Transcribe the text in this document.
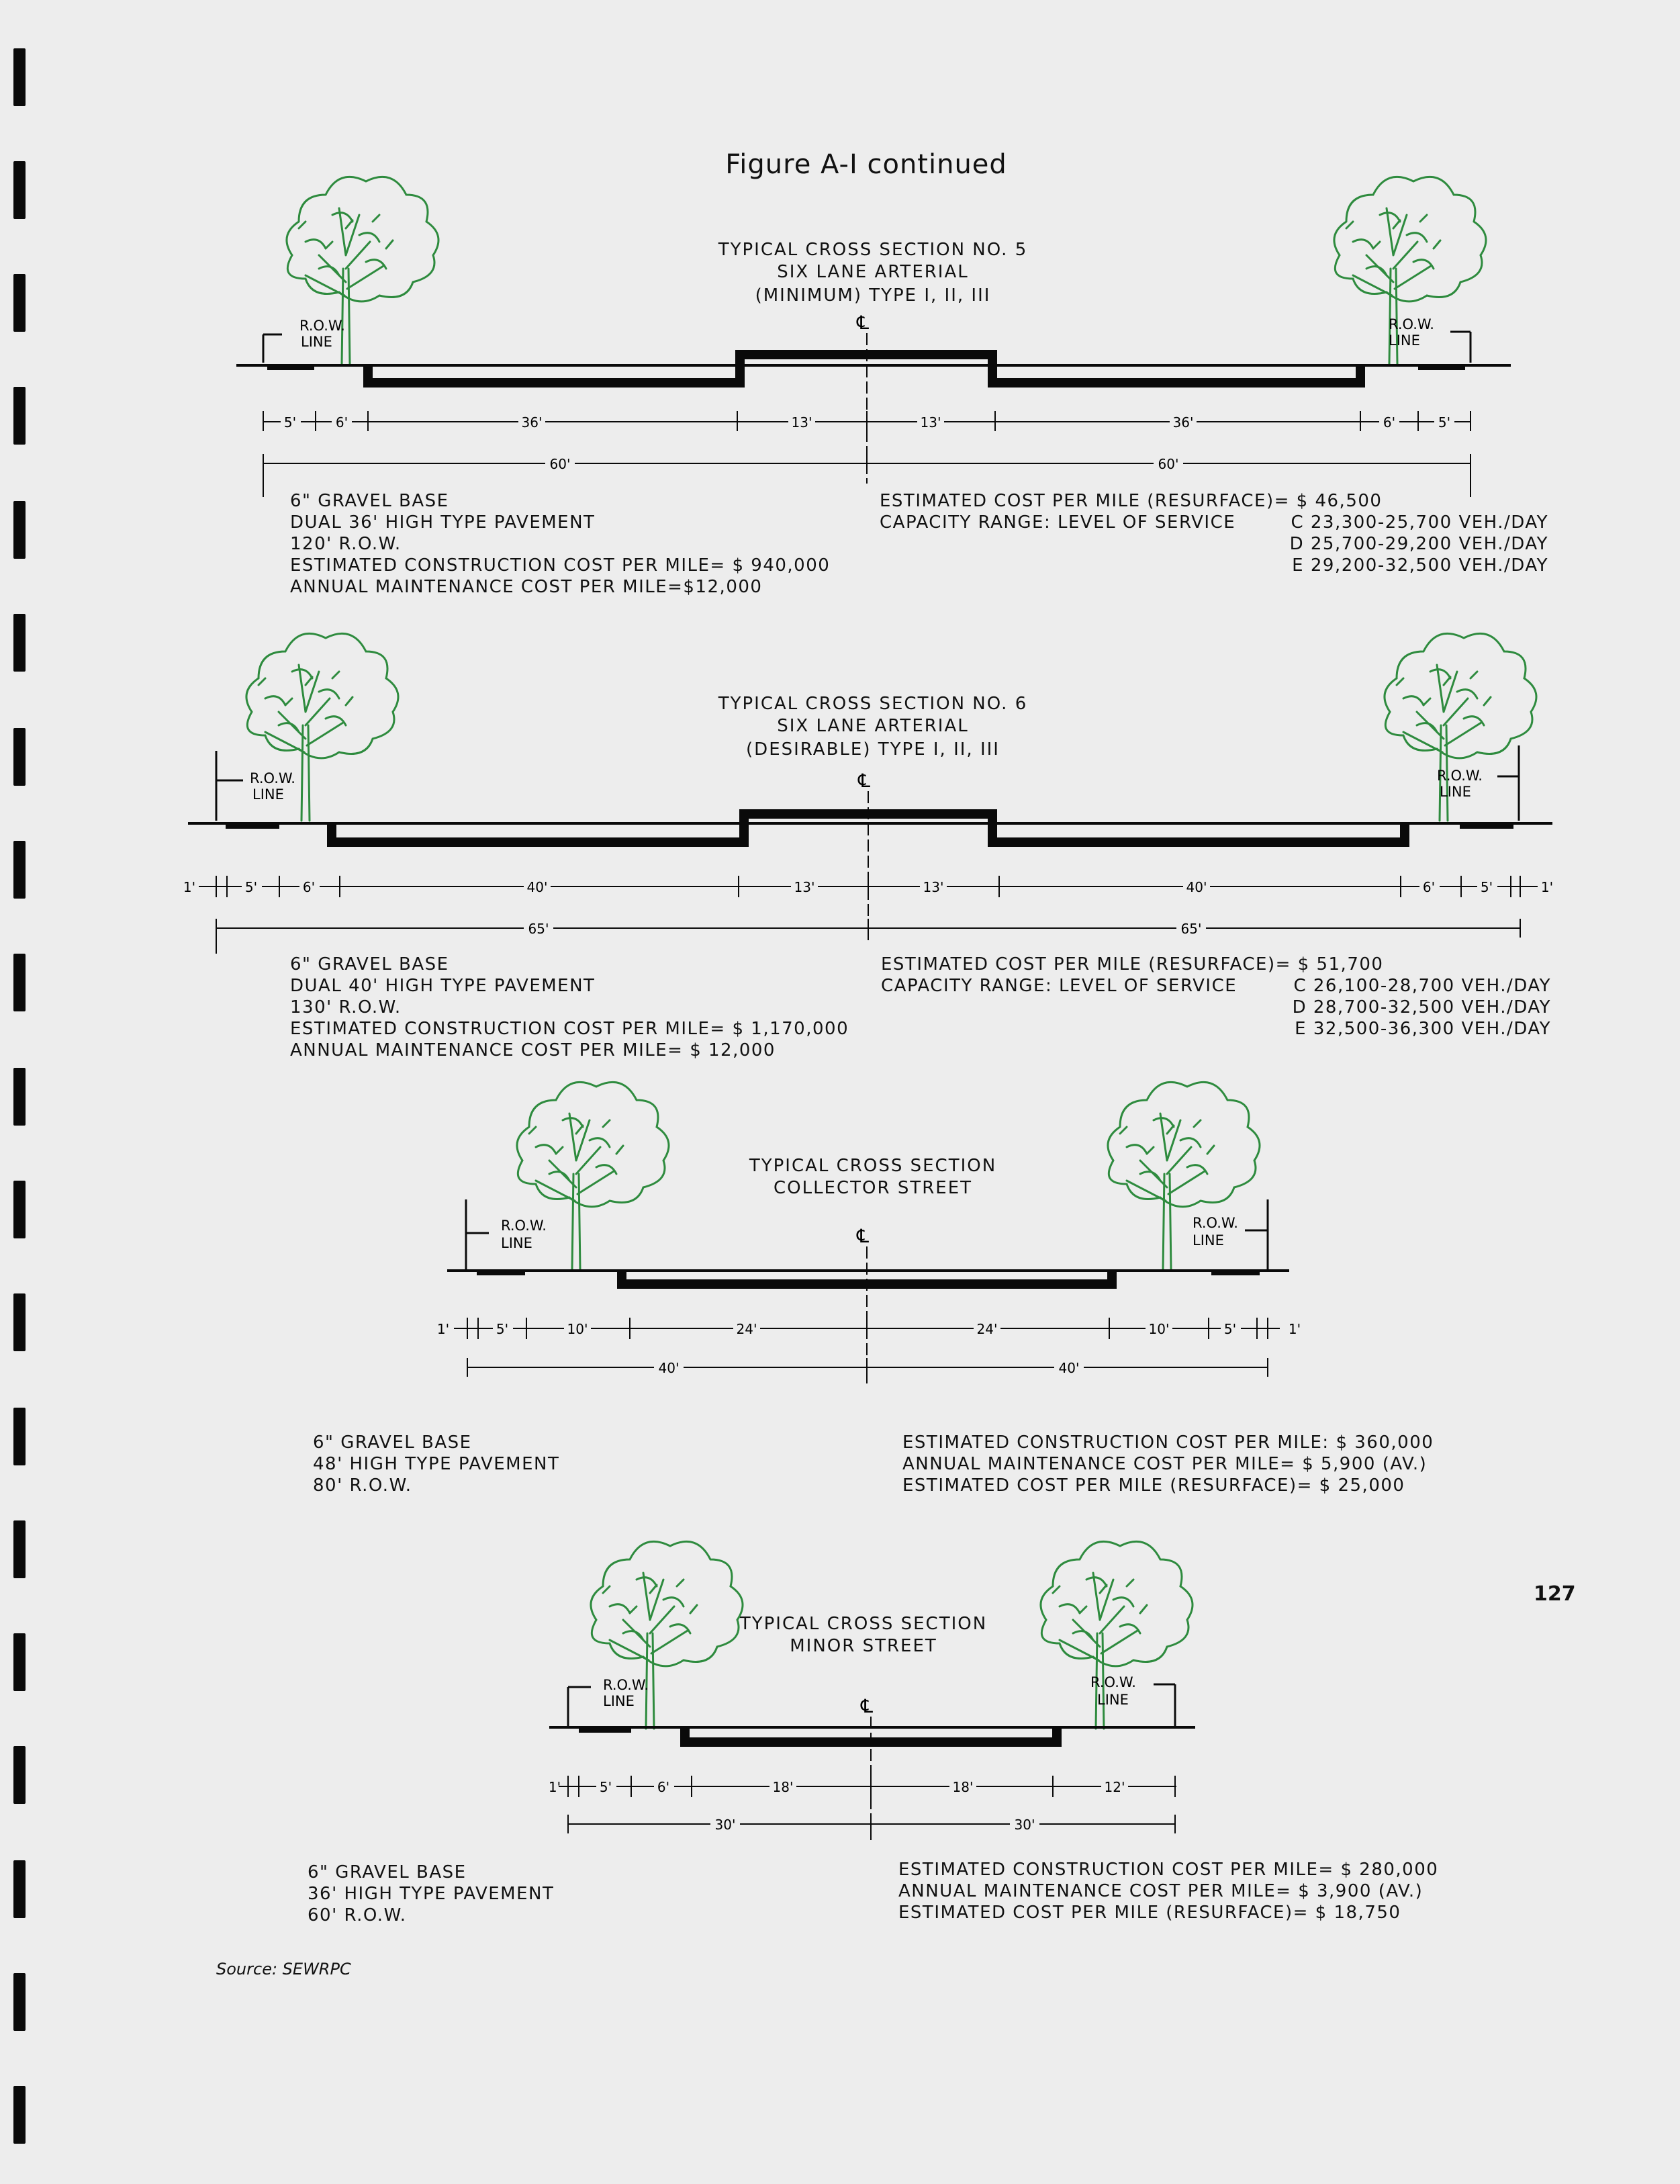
Figure A-I continued
TYPICAL CROSS SECTION NO. 5
SIX LANE ARTERIAL
(MINIMUM) TYPE I, II, III
R.O.W.
LINE
R.O.W.
LINE
℄
5'	6'	36'	13'	13'	36'	6'	5'
60'	60'
6" GRAVEL BASE
DUAL 36' HIGH TYPE PAVEMENT
120' R.O.W.
ESTIMATED CONSTRUCTION COST PER MILE= $ 940,000
ANNUAL MAINTENANCE COST PER MILE=$12,000
ESTIMATED COST PER MILE (RESURFACE)= $ 46,500
CAPACITY RANGE: LEVEL OF SERVICE	C 23,300-25,700 VEH./DAY
D 25,700-29,200 VEH./DAY
E 29,200-32,500 VEH./DAY
TYPICAL CROSS SECTION NO. 6
SIX LANE ARTERIAL
(DESIRABLE) TYPE I, II, III
R.O.W.
LINE
R.O.W.
LINE
℄
1'	5'	6'	40'	13'	13'	40'	6'	5'	1'
65'	65'
6" GRAVEL BASE
DUAL 40' HIGH TYPE PAVEMENT
130' R.O.W.
ESTIMATED CONSTRUCTION COST PER MILE= $ 1,170,000
ANNUAL MAINTENANCE COST PER MILE= $ 12,000
ESTIMATED COST PER MILE (RESURFACE)= $ 51,700
CAPACITY RANGE: LEVEL OF SERVICE	C 26,100-28,700 VEH./DAY
D 28,700-32,500 VEH./DAY
E 32,500-36,300 VEH./DAY
TYPICAL CROSS SECTION
COLLECTOR STREET
R.O.W.
LINE
R.O.W.
LINE
℄
1'	5'	10'	24'	24'	10'	5'	1'
40'	40'
6" GRAVEL BASE
48' HIGH TYPE PAVEMENT
80' R.O.W.
ESTIMATED CONSTRUCTION COST PER MILE: $ 360,000
ANNUAL MAINTENANCE COST PER MILE= $ 5,900 (AV.)
ESTIMATED COST PER MILE (RESURFACE)= $ 25,000
TYPICAL CROSS SECTION
MINOR STREET
R.O.W.
LINE
R.O.W.
LINE
℄
1'	5'	6'	18'	18'	12'
30'	30'
6" GRAVEL BASE
36' HIGH TYPE PAVEMENT
60' R.O.W.
ESTIMATED CONSTRUCTION COST PER MILE= $ 280,000
ANNUAL MAINTENANCE COST PER MILE= $ 3,900 (AV.)
ESTIMATED COST PER MILE (RESURFACE)= $ 18,750
Source: SEWRPC
127
